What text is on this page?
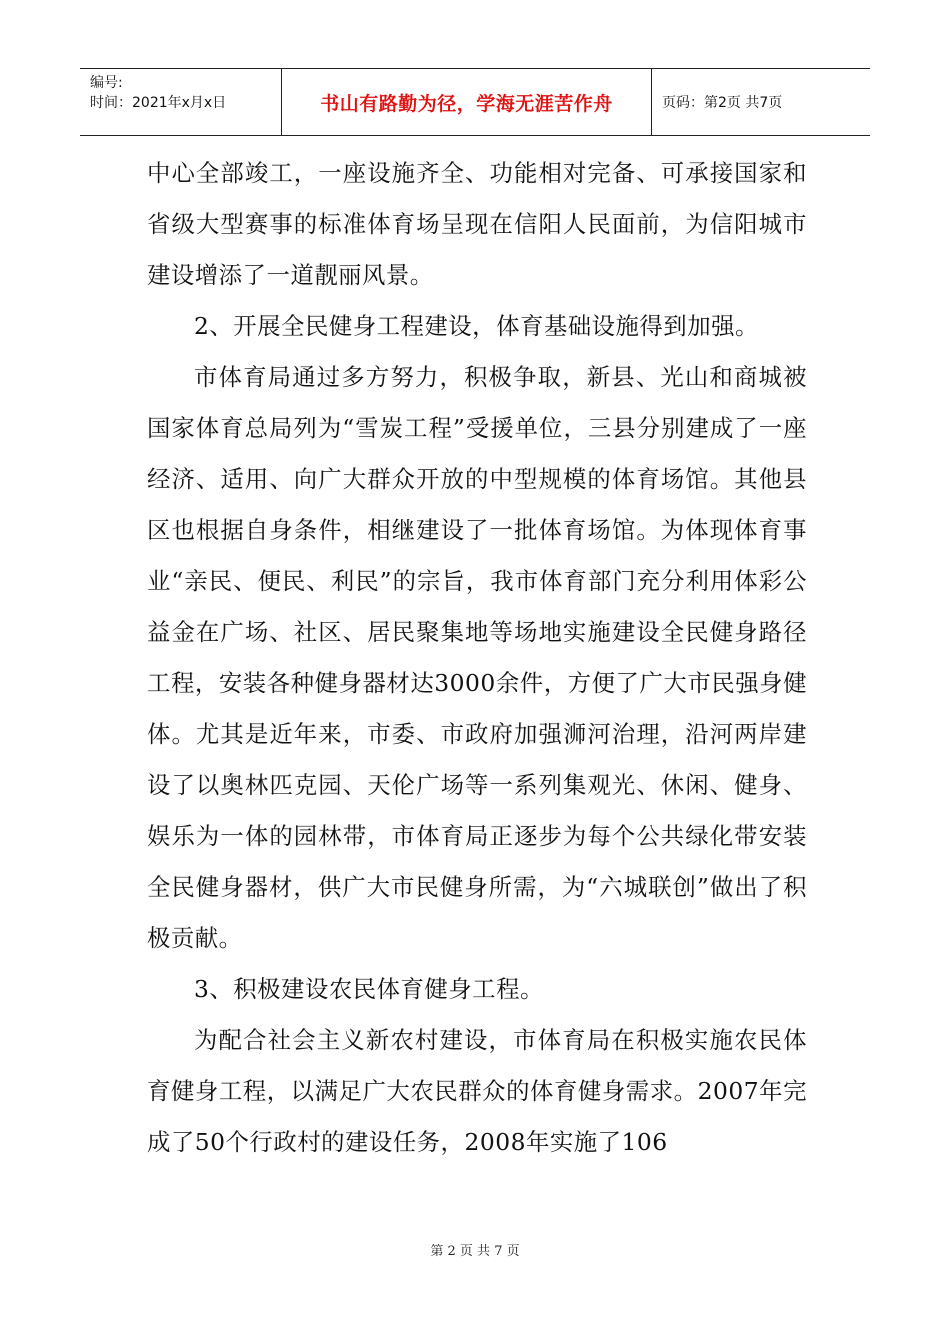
编号:
时间：2021年x月x日	书山有路勤为径，学海无涯苦作舟	页码：第2页 共7页

中心全部竣工，一座设施齐全、功能相对完备、可承接国家和省级大型赛事的标准体育场呈现在信阳人民面前，为信阳城市建设增添了一道靓丽风景。

2、开展全民健身工程建设，体育基础设施得到加强。

市体育局通过多方努力，积极争取，新县、光山和商城被国家体育总局列为“雪炭工程”受援单位，三县分别建成了一座经济、适用、向广大群众开放的中型规模的体育场馆。其他县区也根据自身条件，相继建设了一批体育场馆。为体现体育事业“亲民、便民、利民”的宗旨，我市体育部门充分利用体彩公益金在广场、社区、居民聚集地等场地实施建设全民健身路径工程，安装各种健身器材达3000余件，方便了广大市民强身健体。尤其是近年来，市委、市政府加强浉河治理，沿河两岸建设了以奥林匹克园、天伦广场等一系列集观光、休闲、健身、娱乐为一体的园林带，市体育局正逐步为每个公共绿化带安装全民健身器材，供广大市民健身所需，为“六城联创”做出了积极贡献。

3、积极建设农民体育健身工程。

为配合社会主义新农村建设，市体育局在积极实施农民体育健身工程，以满足广大农民群众的体育健身需求。2007年完成了50个行政村的建设任务，2008年实施了106

第 2 页 共 7 页
